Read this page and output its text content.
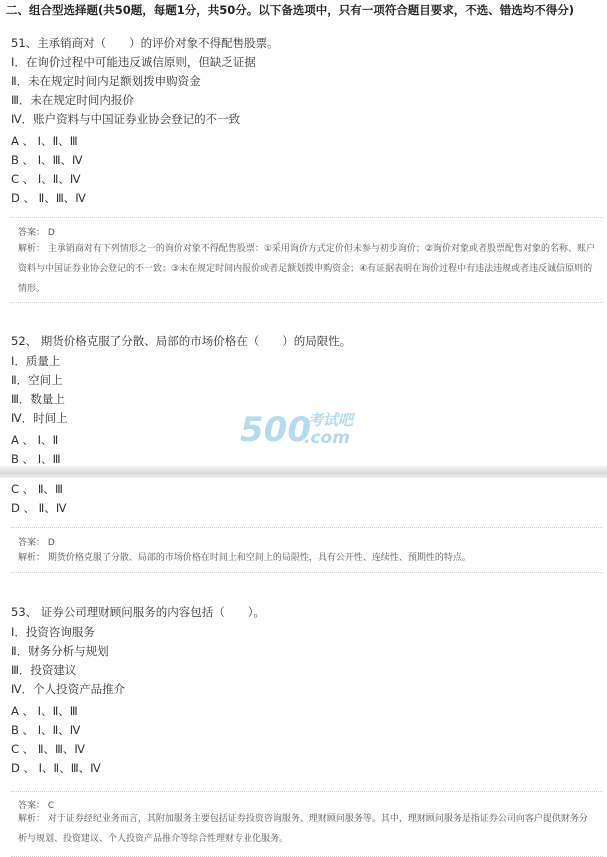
二、组合型选择题(共50题，每题1分，共50分。以下备选项中，只有一项符合题目要求，不选、错选均不得分)
51、主承销商对（　　）的评价对象不得配售股票。
Ⅰ．在询价过程中可能违反诚信原则，但缺乏证据
Ⅱ．未在规定时间内足额划拨申购资金
Ⅲ．未在规定时间内报价
Ⅳ．账户资料与中国证券业协会登记的不一致
A 、 Ⅰ、Ⅱ、Ⅲ
B 、 Ⅰ、Ⅲ、Ⅳ
C 、 Ⅰ、Ⅱ、Ⅳ
D 、 Ⅱ、Ⅲ、Ⅳ
答案： D
解析： 主承销商对有下列情形之一的询价对象不得配售股票：①采用询价方式定价但未参与初步询价；②询价对象或者股票配售对象的名称、账户资料与中国证券业协会登记的不一致；③未在规定时间内报价或者足额划拨申购资金；④有证据表明在询价过程中有违法违规或者违反诚信原则的情形。
52、 期货价格克服了分散、局部的市场价格在（　　）的局限性。
Ⅰ．质量上
Ⅱ．空间上
Ⅲ．数量上
Ⅳ．时间上
A 、 Ⅰ、Ⅱ
B 、 Ⅰ、Ⅲ
C 、 Ⅱ、Ⅲ
D 、 Ⅱ、Ⅳ
答案： D
解析： 期货价格克服了分散、局部的市场价格在时间上和空间上的局限性，具有公开性、连续性、预期性的特点。
53、 证券公司理财顾问服务的内容包括（　　）。
Ⅰ．投资咨询服务
Ⅱ．财务分析与规划
Ⅲ．投资建议
Ⅳ．个人投资产品推介
A 、 Ⅰ、Ⅱ、Ⅲ
B 、 Ⅰ、Ⅱ、Ⅳ
C 、 Ⅱ、Ⅲ、Ⅳ
D 、 Ⅰ、Ⅱ、Ⅲ、Ⅳ
答案： C
解析： 对于证券经纪业务而言，其附加服务主要包括证券投资咨询服务、理财顾问服务等。其中，理财顾问服务是指证券公司向客户提供财务分析与规划、投资建议、个人投资产品推介等综合性理财专业化服务。
500
考试吧
.com
